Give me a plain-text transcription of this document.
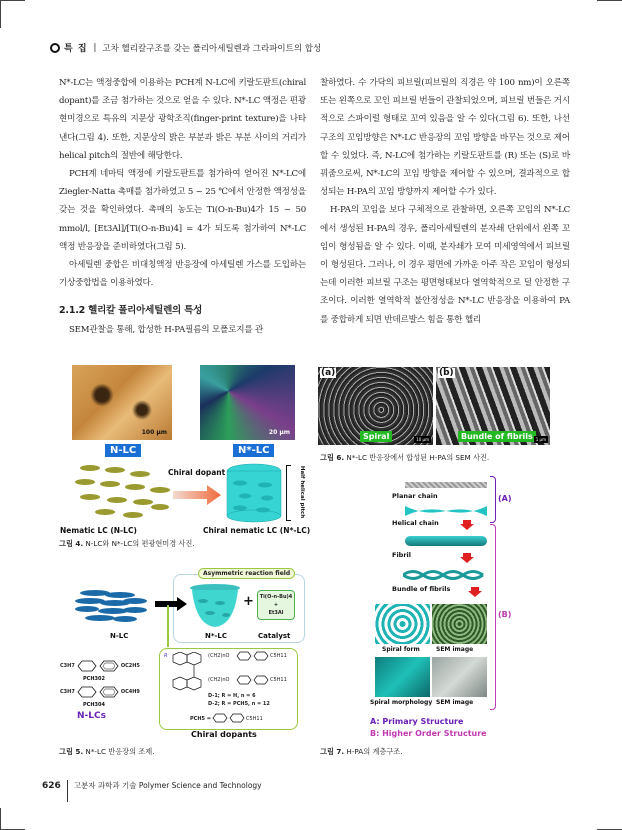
특 집 | 고차 헬리칼구조를 갖는 폴리아세틸렌과 그라파이트의 합성

N*-LC는 액정중합에 이용하는 PCH계 N-LC에 키랄도판트(chiral dopant)를 조금 첨가하는 것으로 얻을 수 있다. N*-LC 액정은 편광현미경으로 특유의 지문상 광학조직(finger-print texture)을 나타낸다(그림 4). 또한, 지문상의 밝은 부분과 밝은 부분 사이의 거리가 helical pitch의 절반에 해당한다.

PCH계 네마틱 액정에 키랄도판트를 첨가하여 얻어진 N*-LC에 Ziegler-Natta 촉매를 첨가하였고 5 ~ 25 ℃에서 안정한 액정성을 갖는 것을 확인하였다. 촉매의 농도는 Ti(O-n-Bu)4가 15 ~ 50 mmol/l, [Et3Al]/[Ti(O-n-Bu)4] = 4가 되도록 첨가하여 N*-LC 액정 반응장을 준비하였다(그림 5).

아세틸렌 중합은 비대칭액정 반응장에 아세틸렌 가스를 도입하는 기상중합법을 이용하였다.

2.1.2 헬리칼 폴리아세틸렌의 특성

SEM관찰을 통해, 합성한 H-PA필름의 모폴로지를 관

찰하였다. 수 가닥의 피브릴(피브릴의 직경은 약 100 nm)이 오른쪽 또는 왼쪽으로 꼬인 피브릴 번들이 관찰되었으며, 피브릴 번들은 거시적으로 스파이럴 형태로 꼬여 있음을 알 수 있다(그림 6). 또한, 나선 구조의 꼬임방향은 N*-LC 반응장의 꼬임 방향을 바꾸는 것으로 제어할 수 있었다. 즉, N-LC에 첨가하는 키랄도판트를 (R) 또는 (S)로 바꿔줌으로써, N*-LC의 꼬임 방향을 제어할 수 있으며, 결과적으로 합성되는 H-PA의 꼬임 방향까지 제어할 수가 있다.

H-PA의 꼬임을 보다 구체적으로 관찰하면, 오른쪽 꼬임의 N*-LC에서 생성된 H-PA의 경우, 폴리아세틸렌의 분자쇄 단위에서 왼쪽 꼬임이 형성됨을 알 수 있다. 이때, 분자쇄가 모여 미세영역에서 피브릴이 형성된다. 그러나, 이 경우 평면에 가까운 아주 작은 꼬임이 형성되는데 이러한 피브릴 구조는 평면형태보다 열역학적으로 덜 안정한 구조이다. 이러한 열역학적 불안정성을 N*-LC 반응장을 이용하여 PA를 중합하게 되면 반데르발스 힘을 통한 헬리

100 μm	20 μm
N-LC	N*-LC
Chiral dopant	Half helical pitch
Nematic LC (N-LC)	Chiral nematic LC (N*-LC)
그림 4. N-LC와 N*-LC의 편광현미경 사진.
Asymmetric reaction field
+	Ti(O-n-Bu)4
+
Et3Al
N-LC	N*-LC	Catalyst
C3H7	OC2H5
PCH302
C3H7	OC4H9
PCH304
N-LCs
R	(CH2)nO	C5H11
(CH2)nO	C5H11
D-1; R = H, n = 6
D-2; R = PCH5, n = 12
PCH5 =	C5H11
Chiral dopants
그림 5. N*-LC 반응장의 조제.
(a)
Spiral	10 μm
(b)
Bundle of fibrils 1 μm
그림 6. N*-LC 반응장에서 합성된 H-PA의 SEM 사진.
Planar chain
Helical chain
Fibril
Bundle of fibrils
Spiral form	SEM image
Spiral morphology SEM image
(A)
(B)
A: Primary Structure
B: Higher Order Structure
그림 7. H-PA의 계층구조.
626	고분자 과학과 기술 Polymer Science and Technology
